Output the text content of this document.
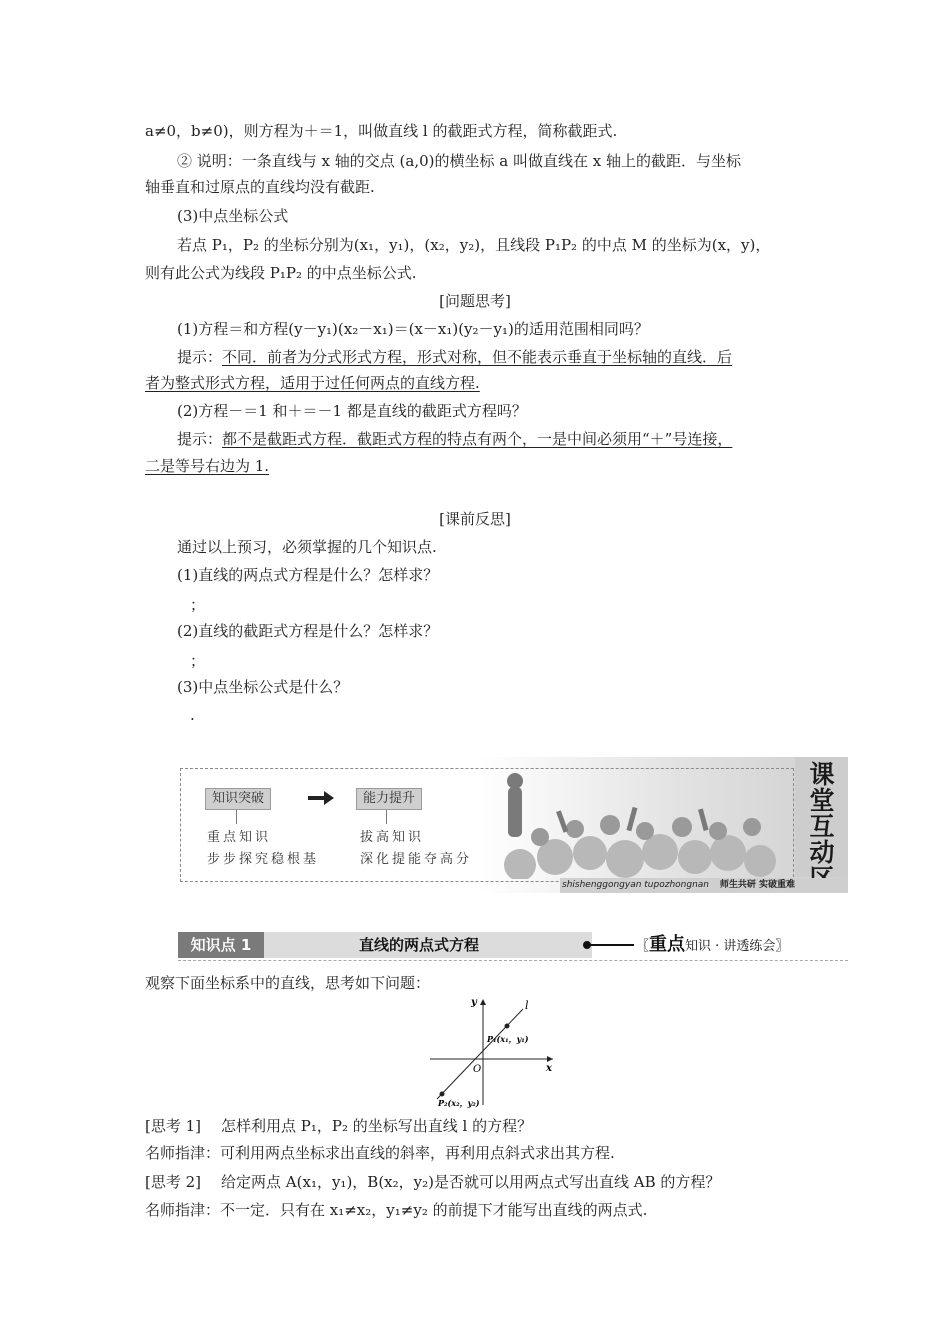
a≠0，b≠0)，则方程为＋＝1，叫做直线 l 的截距式方程，简称截距式.
② 说明：一条直线与 x 轴的交点 (a,0)的横坐标 a 叫做直线在 x 轴上的截距．与坐标
轴垂直和过原点的直线均没有截距.
(3)中点坐标公式
若点 P₁，P₂ 的坐标分别为(x₁，y₁)，(x₂，y₂)，且线段 P₁P₂ 的中点 M 的坐标为(x，y)，
则有此公式为线段 P₁P₂ 的中点坐标公式.
[问题思考]
(1)方程＝和方程(y－y₁)(x₂－x₁)＝(x－x₁)(y₂－y₁)的适用范围相同吗？
提示：不同．前者为分式形式方程，形式对称，但不能表示垂直于坐标轴的直线．后
者为整式形式方程，适用于过任何两点的直线方程.
(2)方程－＝1 和＋＝－1 都是直线的截距式方程吗？
提示：都不是截距式方程．截距式方程的特点有两个，一是中间必须用“＋”号连接，
二是等号右边为 1.
[课前反思]
通过以上预习，必须掌握的几个知识点.
(1)直线的两点式方程是什么？怎样求？
；
(2)直线的截距式方程是什么？怎样求？
；
(3)中点坐标公式是什么？
.
知识突破	能力提升
重点知识
步步探究稳根基
拔高知识
深化提能夺高分
课
堂
互
动
shishenggongyan tupozhongnan 师生共研 实破重难
知识点 1	直线的两点式方程	〖重点知识 · 讲透练会〗
观察下面坐标系中的直线，思考如下问题：
y
x
O
l
P₁(x₁，y₁)
P₂(x₂，y₂)
[思考 1] 怎样利用点 P₁，P₂ 的坐标写出直线 l 的方程？
名师指津：可利用两点坐标求出直线的斜率，再利用点斜式求出其方程.
[思考 2] 给定两点 A(x₁，y₁)，B(x₂，y₂)是否就可以用两点式写出直线 AB 的方程？
名师指津：不一定．只有在 x₁≠x₂，y₁≠y₂ 的前提下才能写出直线的两点式.
